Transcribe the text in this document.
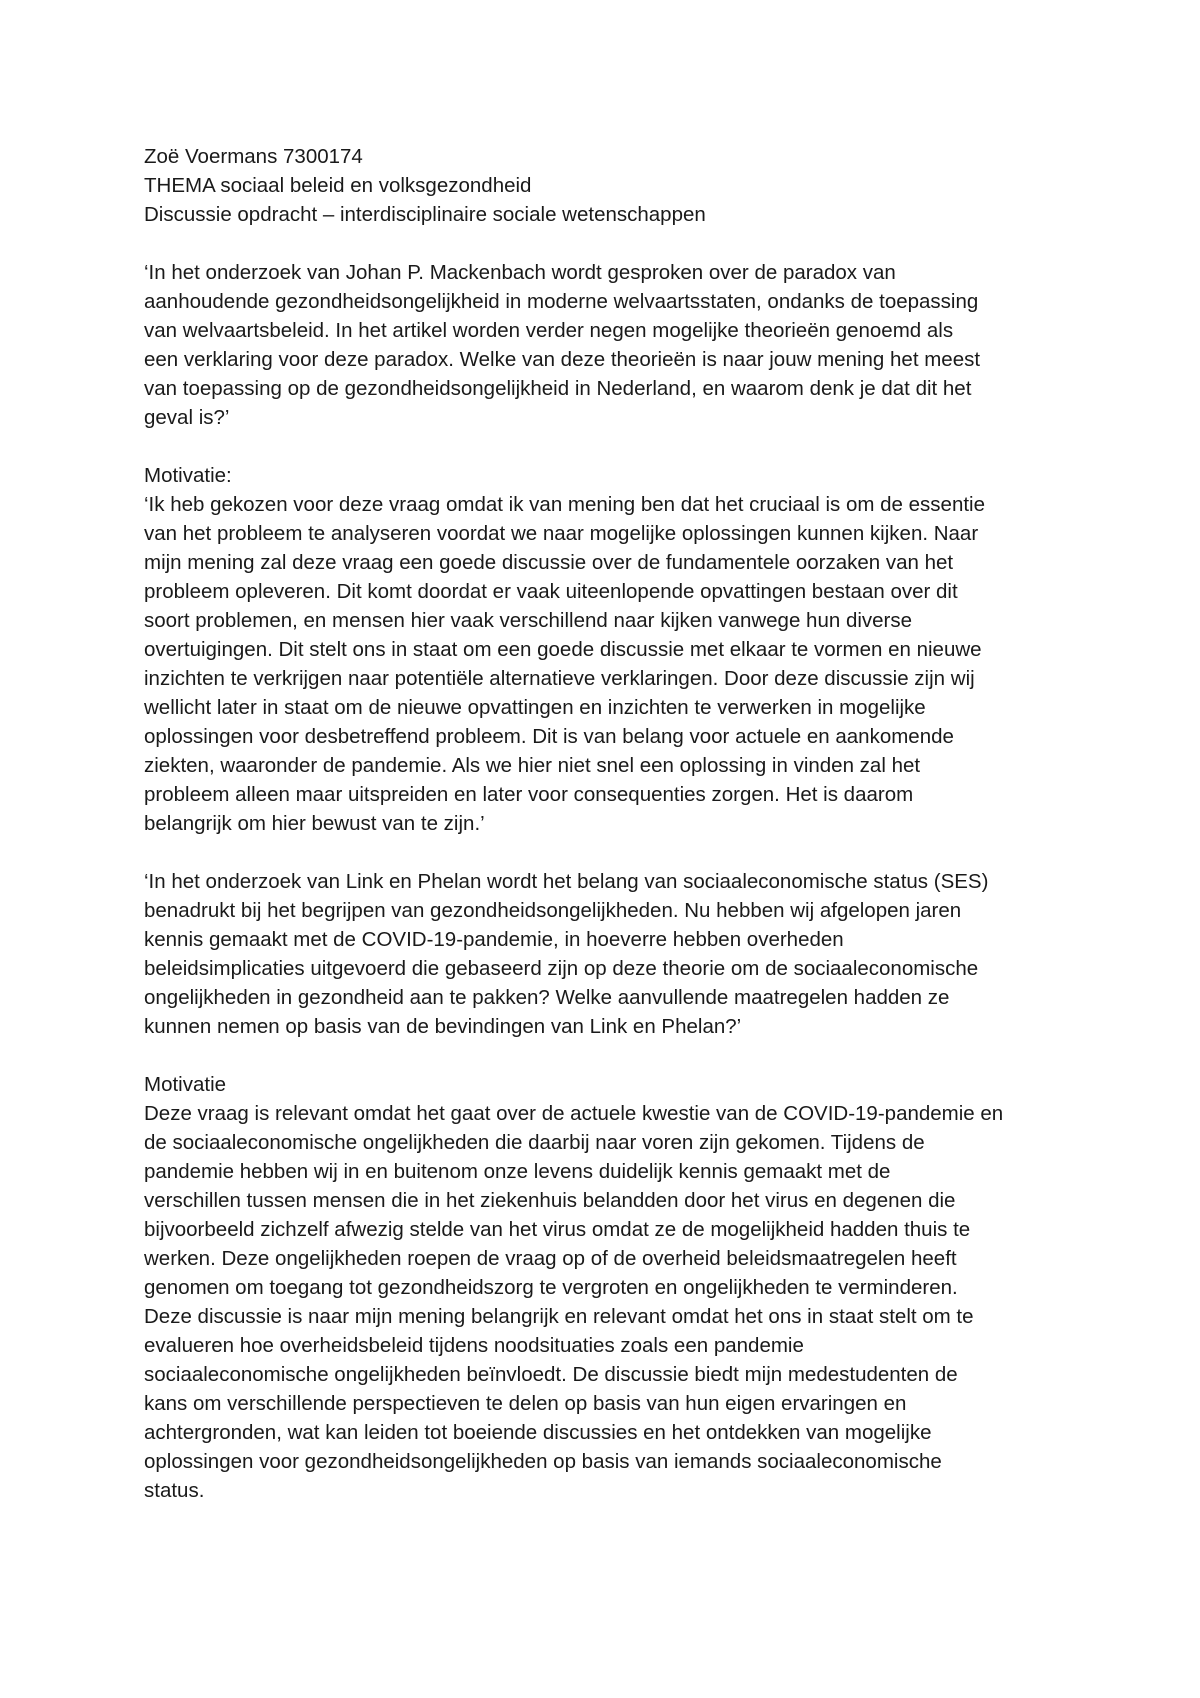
Zoë Voermans 7300174
THEMA sociaal beleid en volksgezondheid
Discussie opdracht – interdisciplinaire sociale wetenschappen
‘In het onderzoek van Johan P. Mackenbach wordt gesproken over de paradox van
aanhoudende gezondheidsongelijkheid in moderne welvaartsstaten, ondanks de toepassing
van welvaartsbeleid. In het artikel worden verder negen mogelijke theorieën genoemd als
een verklaring voor deze paradox. Welke van deze theorieën is naar jouw mening het meest
van toepassing op de gezondheidsongelijkheid in Nederland, en waarom denk je dat dit het
geval is?’
Motivatie:
‘Ik heb gekozen voor deze vraag omdat ik van mening ben dat het cruciaal is om de essentie
van het probleem te analyseren voordat we naar mogelijke oplossingen kunnen kijken. Naar
mijn mening zal deze vraag een goede discussie over de fundamentele oorzaken van het
probleem opleveren. Dit komt doordat er vaak uiteenlopende opvattingen bestaan over dit
soort problemen, en mensen hier vaak verschillend naar kijken vanwege hun diverse
overtuigingen. Dit stelt ons in staat om een goede discussie met elkaar te vormen en nieuwe
inzichten te verkrijgen naar potentiële alternatieve verklaringen. Door deze discussie zijn wij
wellicht later in staat om de nieuwe opvattingen en inzichten te verwerken in mogelijke
oplossingen voor desbetreffend probleem. Dit is van belang voor actuele en aankomende
ziekten, waaronder de pandemie. Als we hier niet snel een oplossing in vinden zal het
probleem alleen maar uitspreiden en later voor consequenties zorgen. Het is daarom
belangrijk om hier bewust van te zijn.’
‘In het onderzoek van Link en Phelan wordt het belang van sociaaleconomische status (SES)
benadrukt bij het begrijpen van gezondheidsongelijkheden. Nu hebben wij afgelopen jaren
kennis gemaakt met de COVID-19-pandemie, in hoeverre hebben overheden
beleidsimplicaties uitgevoerd die gebaseerd zijn op deze theorie om de sociaaleconomische
ongelijkheden in gezondheid aan te pakken? Welke aanvullende maatregelen hadden ze
kunnen nemen op basis van de bevindingen van Link en Phelan?’
Motivatie
Deze vraag is relevant omdat het gaat over de actuele kwestie van de COVID-19-pandemie en
de sociaaleconomische ongelijkheden die daarbij naar voren zijn gekomen. Tijdens de
pandemie hebben wij in en buitenom onze levens duidelijk kennis gemaakt met de
verschillen tussen mensen die in het ziekenhuis belandden door het virus en degenen die
bijvoorbeeld zichzelf afwezig stelde van het virus omdat ze de mogelijkheid hadden thuis te
werken. Deze ongelijkheden roepen de vraag op of de overheid beleidsmaatregelen heeft
genomen om toegang tot gezondheidszorg te vergroten en ongelijkheden te verminderen.
Deze discussie is naar mijn mening belangrijk en relevant omdat het ons in staat stelt om te
evalueren hoe overheidsbeleid tijdens noodsituaties zoals een pandemie
sociaaleconomische ongelijkheden beïnvloedt. De discussie biedt mijn medestudenten de
kans om verschillende perspectieven te delen op basis van hun eigen ervaringen en
achtergronden, wat kan leiden tot boeiende discussies en het ontdekken van mogelijke
oplossingen voor gezondheidsongelijkheden op basis van iemands sociaaleconomische
status.
